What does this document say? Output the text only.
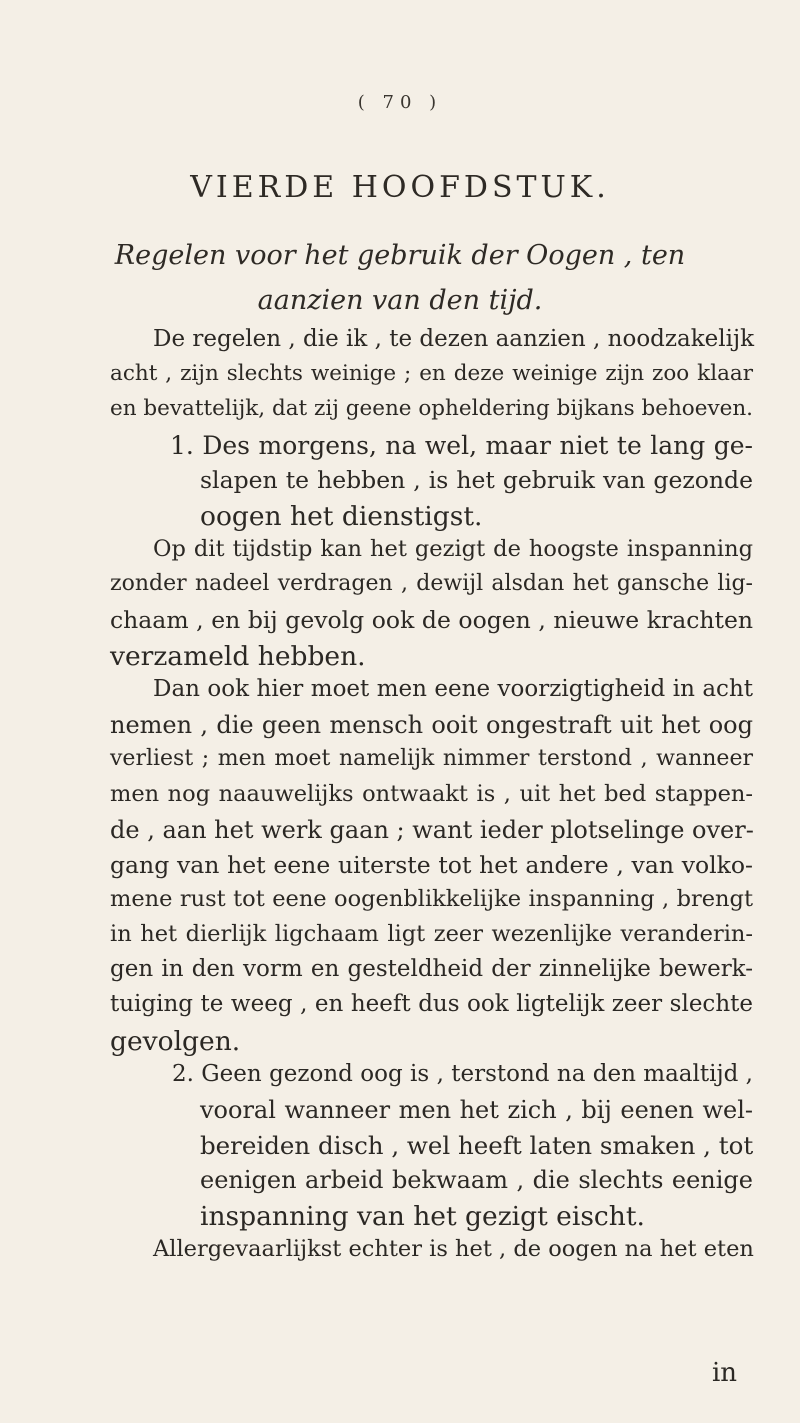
( 70 )
VIERDE HOOFDSTUK.
Regelen voor het gebruik der Oogen , ten
aanzien van den tijd.
De regelen , die ik , te dezen aanzien , noodzakelijk
acht , zijn slechts weinige ; en deze weinige zijn zoo klaar
en bevattelijk, dat zij geene opheldering bijkans behoeven.
1. Des morgens, na wel, maar niet te lang ge-
slapen te hebben , is het gebruik van gezonde
oogen het dienstigst.
Op dit tijdstip kan het gezigt de hoogste inspanning
zonder nadeel verdragen , dewijl alsdan het gansche lig-
chaam , en bij gevolg ook de oogen , nieuwe krachten
verzameld hebben.
Dan ook hier moet men eene voorzigtigheid in acht
nemen , die geen mensch ooit ongestraft uit het oog
verliest ; men moet namelijk nimmer terstond , wanneer
men nog naauwelijks ontwaakt is , uit het bed stappen-
de , aan het werk gaan ; want ieder plotselinge over-
gang van het eene uiterste tot het andere , van volko-
mene rust tot eene oogenblikkelijke inspanning , brengt
in het dierlijk ligchaam ligt zeer wezenlijke veranderin-
gen in den vorm en gesteldheid der zinnelijke bewerk-
tuiging te weeg , en heeft dus ook ligtelijk zeer slechte
gevolgen.
2. Geen gezond oog is , terstond na den maaltijd ,
vooral wanneer men het zich , bij eenen wel-
bereiden disch , wel heeft laten smaken , tot
eenigen arbeid bekwaam , die slechts eenige
inspanning van het gezigt eischt.
Allergevaarlijkst echter is het , de oogen na het eten
in
